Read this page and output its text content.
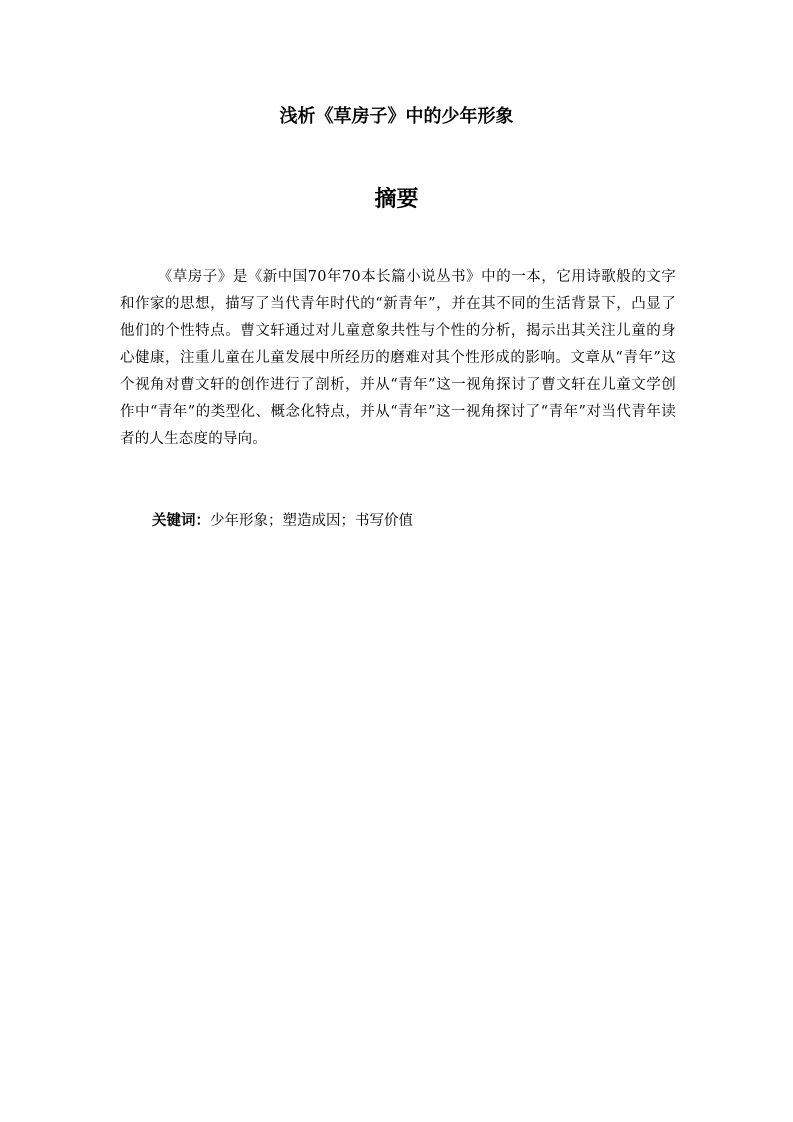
浅析《草房子》中的少年形象
摘要

《草房子》是《新中国70年70本长篇小说丛书》中的一本，它用诗歌般的文字和作家的思想，描写了当代青年时代的“新青年”，并在其不同的生活背景下，凸显了他们的个性特点。曹文轩通过对儿童意象共性与个性的分析，揭示出其关注儿童的身心健康，注重儿童在儿童发展中所经历的磨难对其个性形成的影响。文章从“青年”这个视角对曹文轩的创作进行了剖析，并从“青年”这一视角探讨了曹文轩在儿童文学创作中“青年”的类型化、概念化特点，并从“青年”这一视角探讨了“青年”对当代青年读者的人生态度的导向。

关键词：少年形象；塑造成因；书写价值
